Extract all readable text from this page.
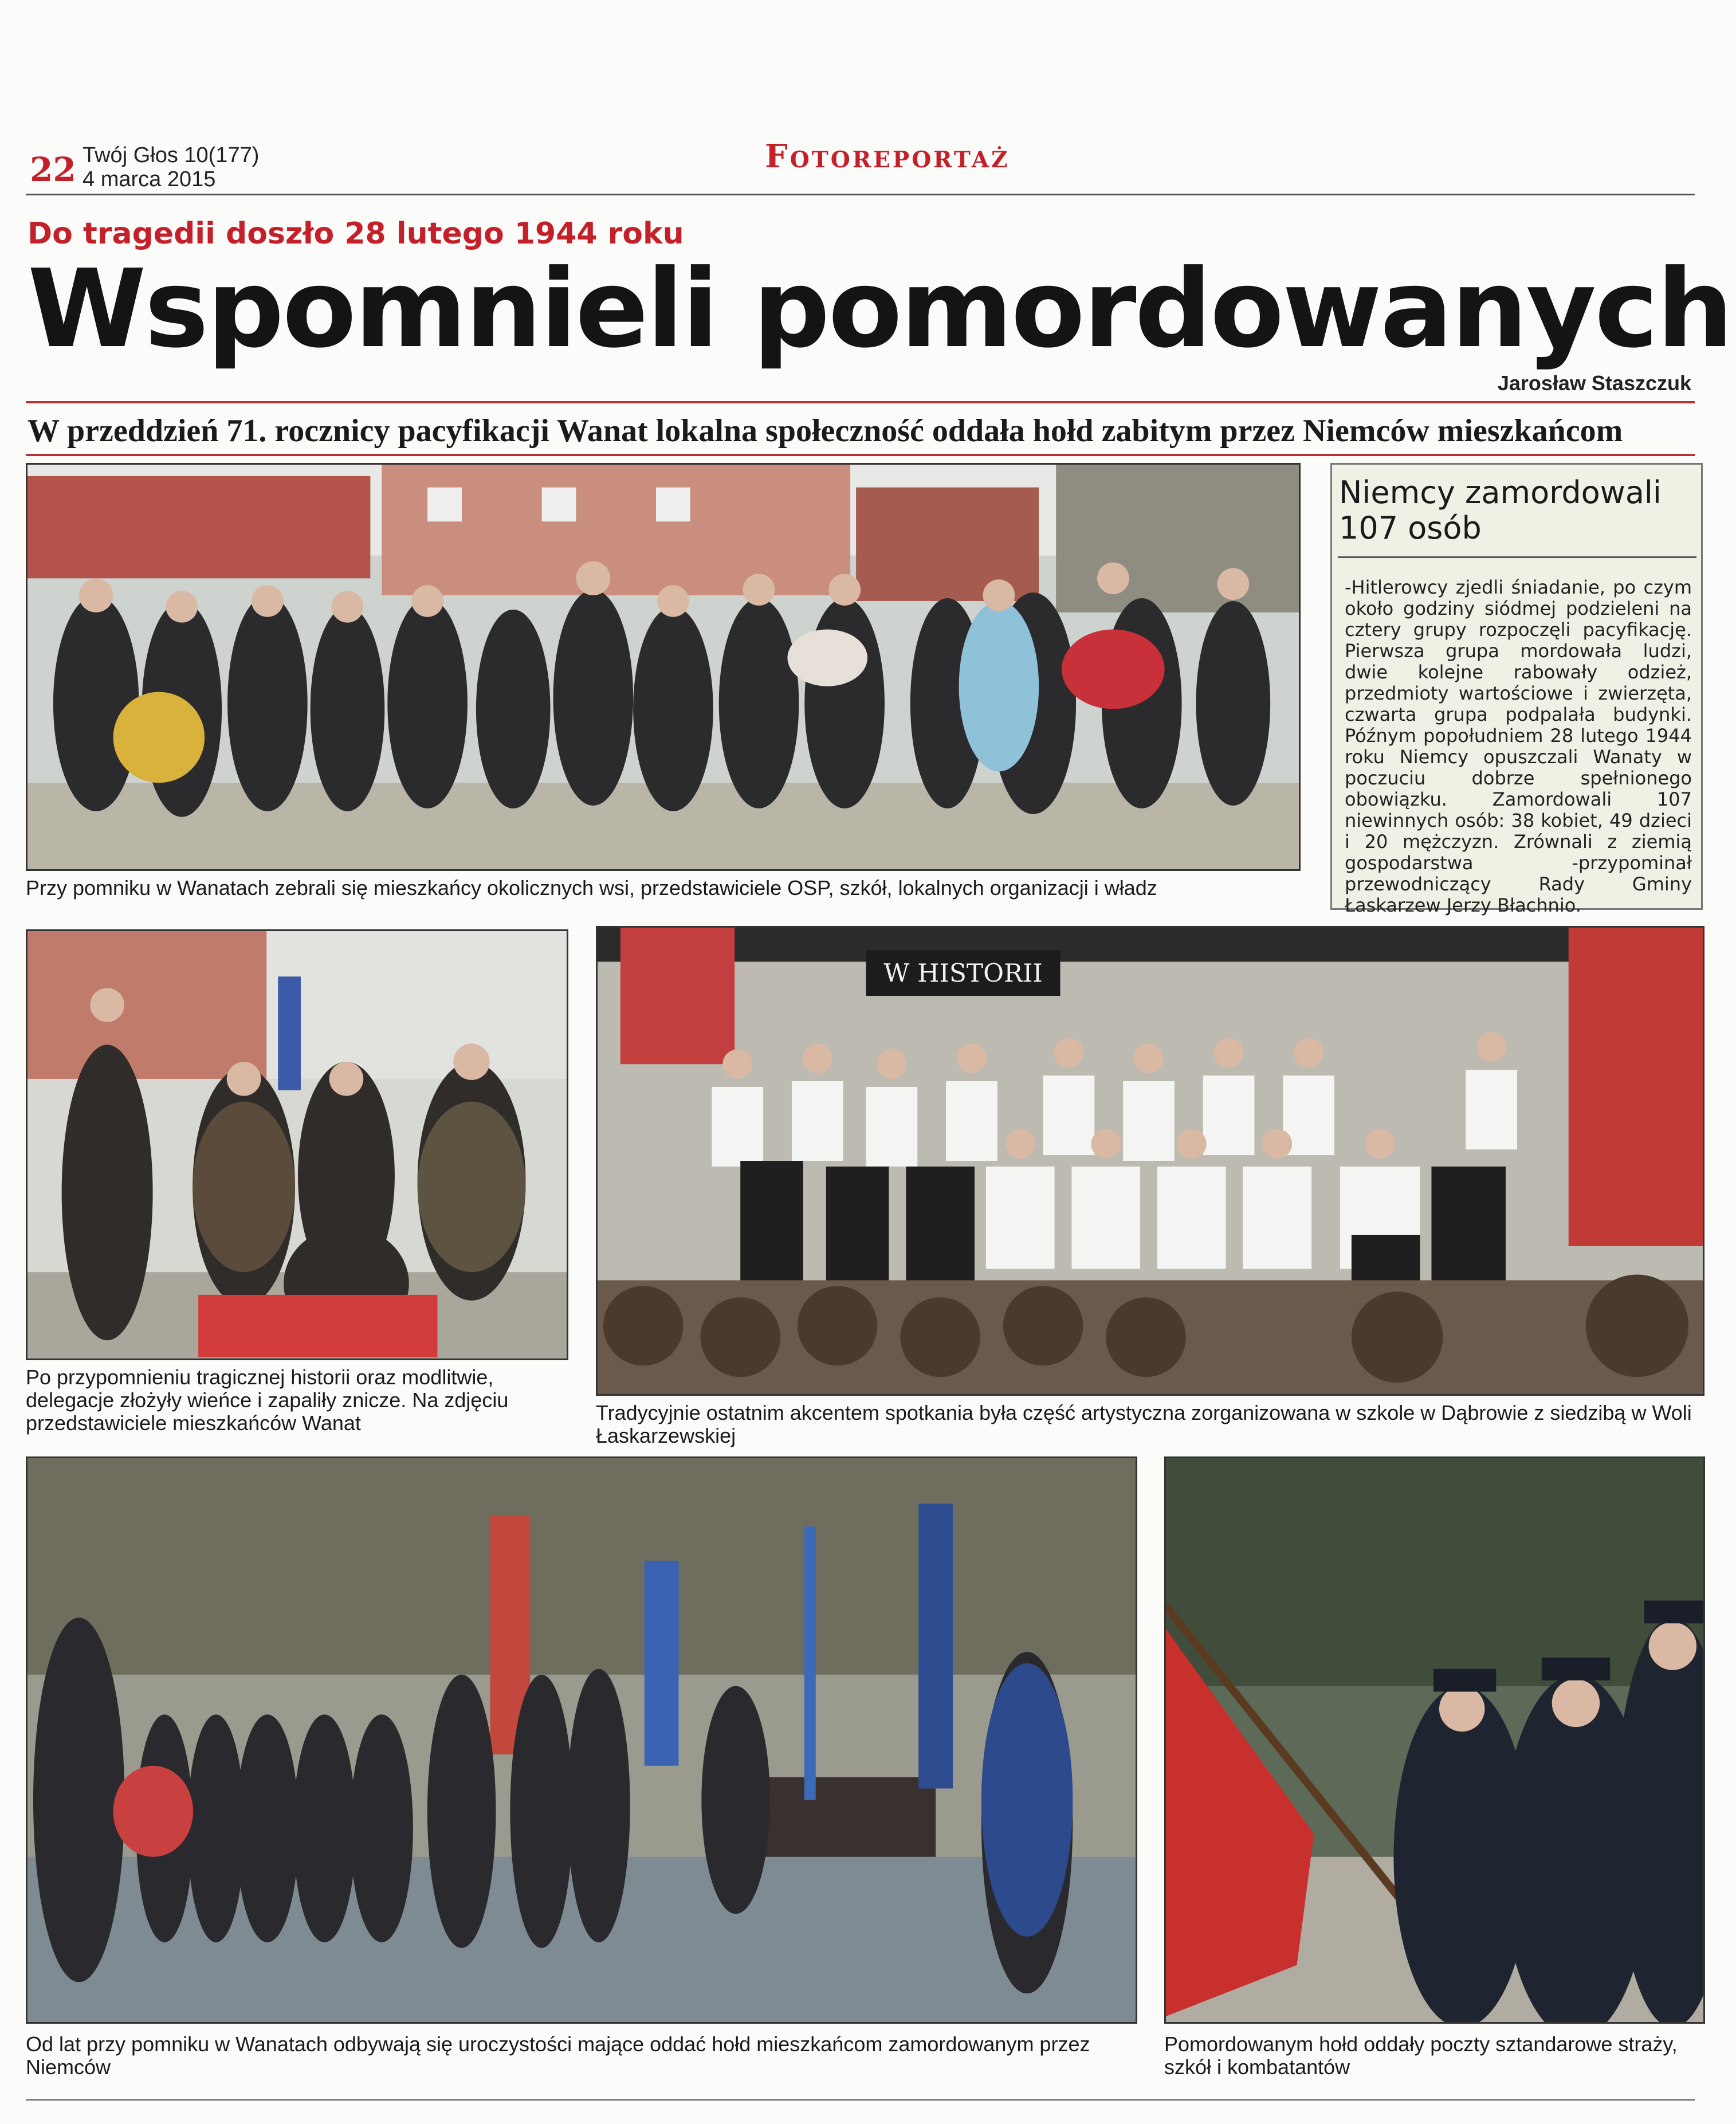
22 Twój Głos 10(177)
4 marca 2015
Fotoreportaż
Do tragedii doszło 28 lutego 1944 roku
Wspomnieli pomordowanych
Jarosław Staszczuk
W przeddzień 71. rocznicy pacyfikacji Wanat lokalna społeczność oddała hołd zabitym przez Niemców mieszkańcom
Przy pomniku w Wanatach zebrali się mieszkańcy okolicznych wsi, przedstawiciele OSP, szkół, lokalnych organizacji i władz
Niemcy zamordowali 107 osób
-Hitlerowcy zjedli śniadanie, po czym około godziny siódmej podzieleni na cztery grupy rozpoczęli pacyfikację. Pierwsza grupa mordowała ludzi, dwie kolejne rabowały odzież, przedmioty wartościowe i zwierzęta, czwarta grupa podpalała budynki. Późnym popołudniem 28 lutego 1944 roku Niemcy opuszczali Wanaty w poczuciu dobrze spełnionego obowiązku. Zamordowali 107 niewinnych osób: 38 kobiet, 49 dzieci i 20 mężczyzn. Zrównali z ziemią gospodarstwa -przypominał przewodniczący Rady Gminy Łaskarzew Jerzy Błachnio.
Po przypomnieniu tragicznej historii oraz modlitwie, delegacje złożyły wieńce i zapaliły znicze. Na zdjęciu przedstawiciele mieszkańców Wanat
W HISTORII
Tradycyjnie ostatnim akcentem spotkania była część artystyczna zorganizowana w szkole w Dąbrowie z siedzibą w Woli Łaskarzewskiej
Od lat przy pomniku w Wanatach odbywają się uroczystości mające oddać hołd mieszkańcom zamordowanym przez Niemców
Pomordowanym hołd oddały poczty sztandarowe straży, szkół i kombatantów
